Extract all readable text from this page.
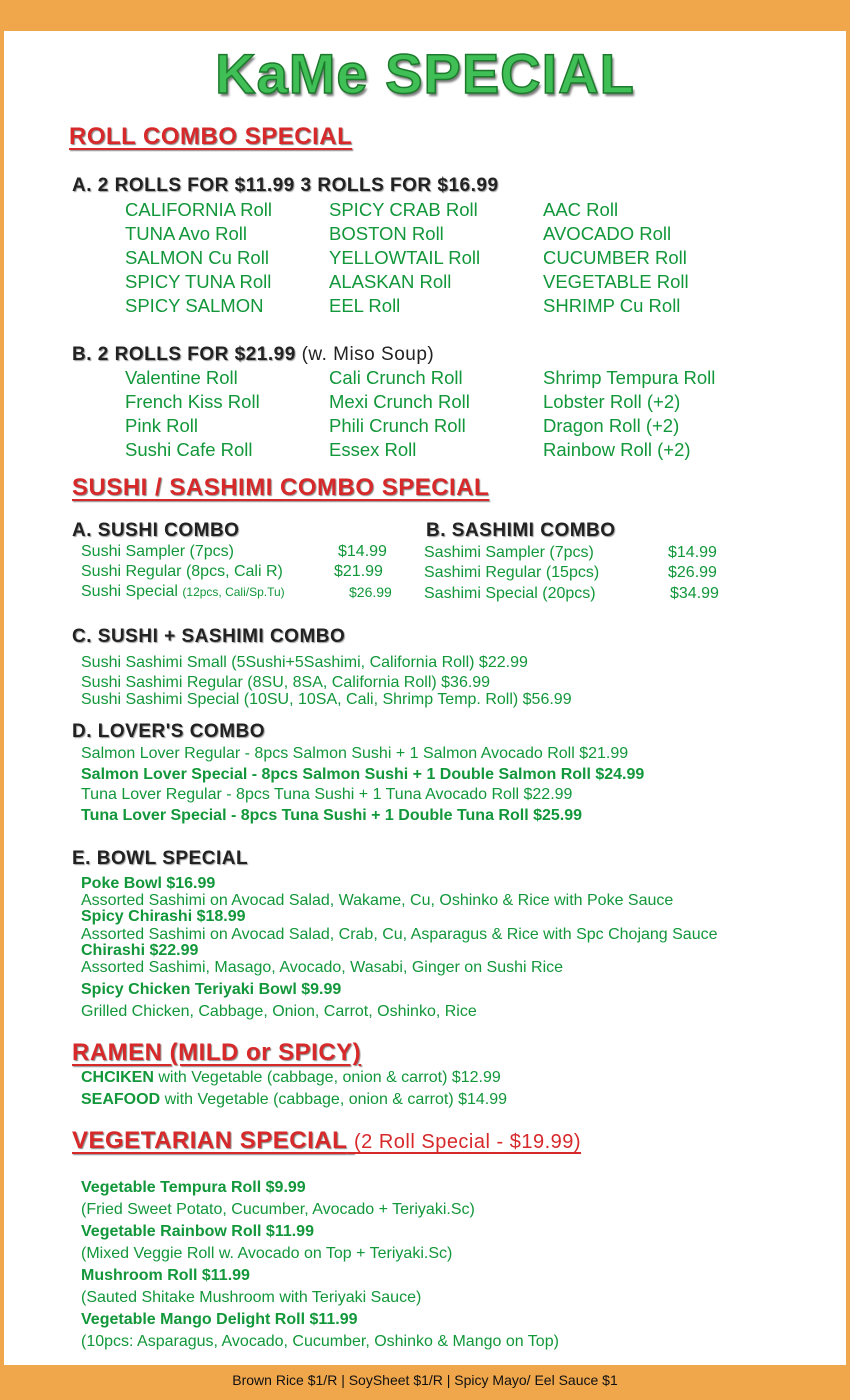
KaMe SPECIAL
ROLL COMBO SPECIAL
A. 2 ROLLS FOR $11.99 3 ROLLS FOR $16.99
CALIFORNIA Roll	SPICY CRAB Roll	AAC Roll
TUNA Avo Roll	BOSTON Roll	AVOCADO Roll
SALMON Cu Roll	YELLOWTAIL Roll	CUCUMBER Roll
SPICY TUNA Roll	ALASKAN Roll	VEGETABLE Roll
SPICY SALMON	EEL Roll	SHRIMP Cu Roll
B. 2 ROLLS FOR $21.99 (w. Miso Soup)
Valentine Roll	Cali Crunch Roll	Shrimp Tempura Roll
French Kiss Roll	Mexi Crunch Roll	Lobster Roll (+2)
Pink Roll	Phili Crunch Roll	Dragon Roll (+2)
Sushi Cafe Roll	Essex Roll	Rainbow Roll (+2)
SUSHI / SASHIMI COMBO SPECIAL
A. SUSHI COMBO
Sushi Sampler (7pcs)	$14.99
Sushi Regular (8pcs, Cali R)	$21.99
Sushi Special (12pcs, Cali/Sp.Tu)	$26.99
B. SASHIMI COMBO
Sashimi Sampler (7pcs)	$14.99
Sashimi Regular (15pcs)	$26.99
Sashimi Special (20pcs)	$34.99
C. SUSHI + SASHIMI COMBO
Sushi Sashimi Small (5Sushi+5Sashimi, California Roll) $22.99
Sushi Sashimi Regular (8SU, 8SA, California Roll) $36.99
Sushi Sashimi Special (10SU, 10SA, Cali, Shrimp Temp. Roll) $56.99
D. LOVER'S COMBO
Salmon Lover Regular - 8pcs Salmon Sushi + 1 Salmon Avocado Roll $21.99
Salmon Lover Special - 8pcs Salmon Sushi + 1 Double Salmon Roll $24.99
Tuna Lover Regular - 8pcs Tuna Sushi + 1 Tuna Avocado Roll $22.99
Tuna Lover Special - 8pcs Tuna Sushi + 1 Double Tuna Roll $25.99
E. BOWL SPECIAL
Poke Bowl $16.99
Assorted Sashimi on Avocad Salad, Wakame, Cu, Oshinko & Rice with Poke Sauce
Spicy Chirashi $18.99
Assorted Sashimi on Avocad Salad, Crab, Cu, Asparagus & Rice with Spc Chojang Sauce
Chirashi $22.99
Assorted Sashimi, Masago, Avocado, Wasabi, Ginger on Sushi Rice
Spicy Chicken Teriyaki Bowl $9.99
Grilled Chicken, Cabbage, Onion, Carrot, Oshinko, Rice
RAMEN (MILD or SPICY)
CHCIKEN with Vegetable (cabbage, onion & carrot) $12.99
SEAFOOD with Vegetable (cabbage, onion & carrot) $14.99
VEGETARIAN SPECIAL (2 Roll Special - $19.99)
Vegetable Tempura Roll $9.99
(Fried Sweet Potato, Cucumber, Avocado + Teriyaki.Sc)
Vegetable Rainbow Roll $11.99
(Mixed Veggie Roll w. Avocado on Top + Teriyaki.Sc)
Mushroom Roll $11.99
(Sauted Shitake Mushroom with Teriyaki Sauce)
Vegetable Mango Delight Roll $11.99
(10pcs: Asparagus, Avocado, Cucumber, Oshinko & Mango on Top)
Brown Rice $1/R | SoySheet $1/R | Spicy Mayo/ Eel Sauce $1
